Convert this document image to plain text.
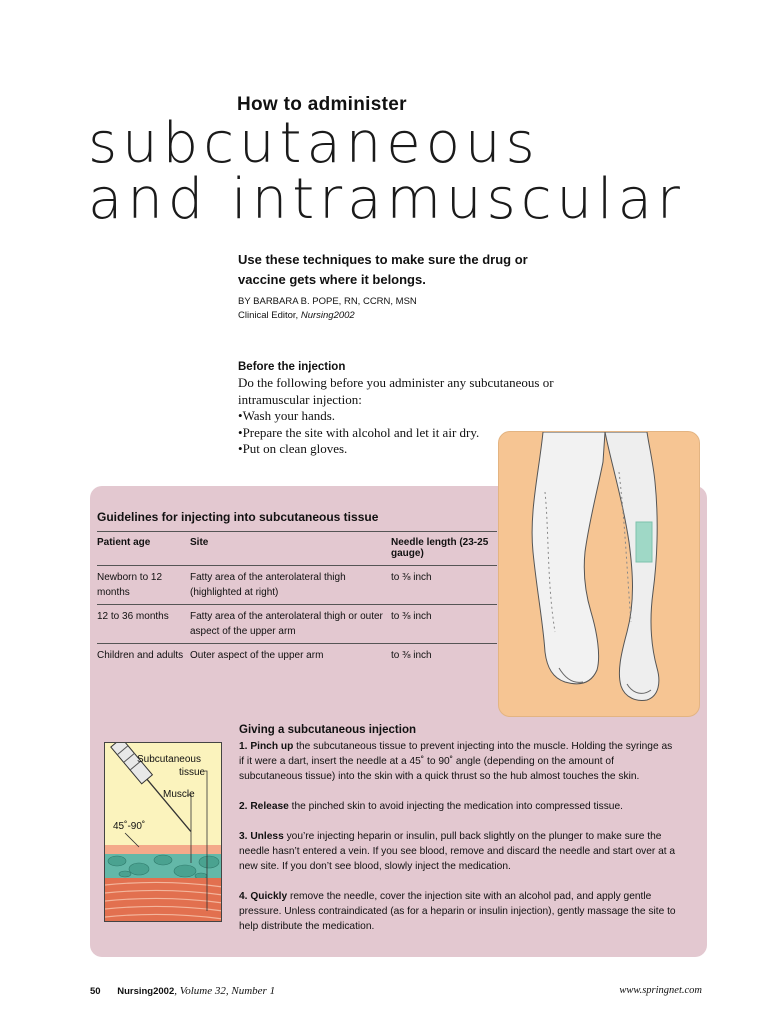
How to administer
subcutaneous
and intramuscular
Use these techniques to make sure the drug or vaccine gets where it belongs.
BY BARBARA B. POPE, RN, CCRN, MSN
Clinical Editor, Nursing2002
Before the injection

Do the following before you administer any subcutaneous or intramuscular injection:

• Wash your hands.
• Prepare the site with alcohol and let it air dry.
• Put on clean gloves.
Guidelines for injecting into subcutaneous tissue
Patient age	Site	Needle length (23-25 gauge)
Newborn to 12 months	Fatty area of the anterolateral thigh (highlighted at right)	to ⅜ inch
12 to 36 months	Fatty area of the anterolateral thigh or outer aspect of the upper arm	to ⅜ inch
Children and adults	Outer aspect of the upper arm	to ⅜ inch
Subcutaneous
tissue
Muscle
45˚-90˚
Giving a subcutaneous injection

1. Pinch up the subcutaneous tissue to prevent injecting into the muscle. Holding the syringe as if it were a dart, insert the needle at a 45˚ to 90˚ angle (depending on the amount of subcutaneous tissue) into the skin with a quick thrust so the hub almost touches the skin.

2. Release the pinched skin to avoid injecting the medication into compressed tissue.

3. Unless you’re injecting heparin or insulin, pull back slightly on the plunger to make sure the needle hasn’t entered a vein. If you see blood, remove and discard the needle and start over at a new site. If you don’t see blood, slowly inject the medication.

4. Quickly remove the needle, cover the injection site with an alcohol pad, and apply gentle pressure. Unless contraindicated (as for a heparin or insulin injection), gently massage the site to help distribute the medication.

50 Nursing2002, Volume 32, Number 1	www.springnet.com
